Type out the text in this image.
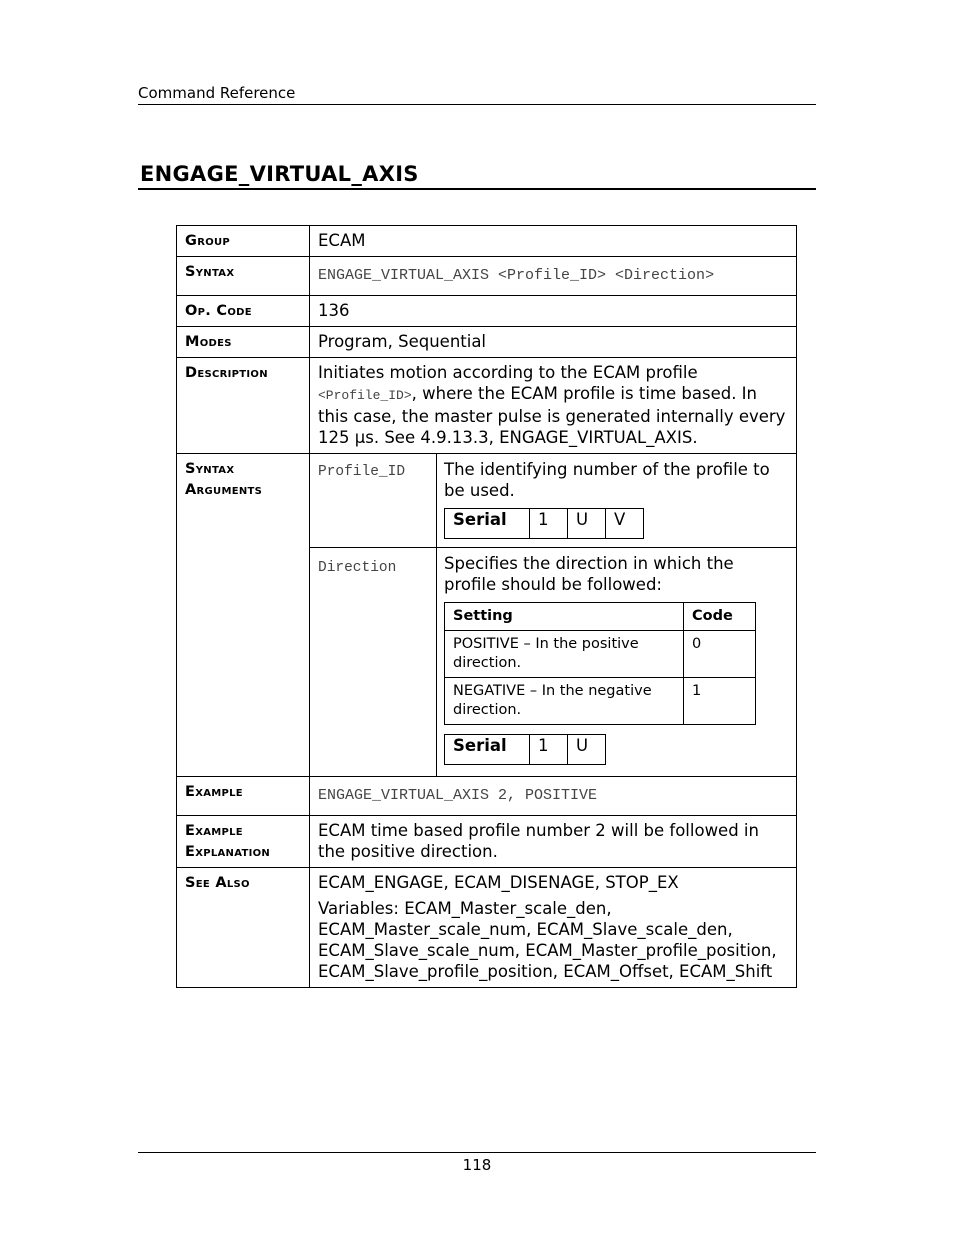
Command Reference
ENGAGE_VIRTUAL_AXIS
Group	ECAM
Syntax	ENGAGE_VIRTUAL_AXIS <Profile_ID> <Direction>
Op. Code	136
Modes	Program, Sequential
Description	Initiates motion according to the ECAM profile
<Profile_ID>, where the ECAM profile is time based. In this case, the master pulse is generated internally every 125 μs. See 4.9.13.3, ENGAGE_VIRTUAL_AXIS.
Syntax
Arguments	
Profile_ID	The identifying number of the profile to be used.
Serial	1	U	V

Direction	Specifies the direction in which the profile should be followed:
Setting	Code
POSITIVE – In the positive direction.	0
NEGATIVE – In the negative direction.	1
Serial	1	U

Example	ENGAGE_VIRTUAL_AXIS 2, POSITIVE
Example
Explanation	ECAM time based profile number 2 will be followed in the positive direction.
See Also	ECAM_ENGAGE, ECAM_DISENAGE, STOP_EX
Variables: ECAM_Master_scale_den, ECAM_Master_scale_num, ECAM_Slave_scale_den, ECAM_Slave_scale_num, ECAM_Master_profile_position, ECAM_Slave_profile_position, ECAM_Offset, ECAM_Shift
118
